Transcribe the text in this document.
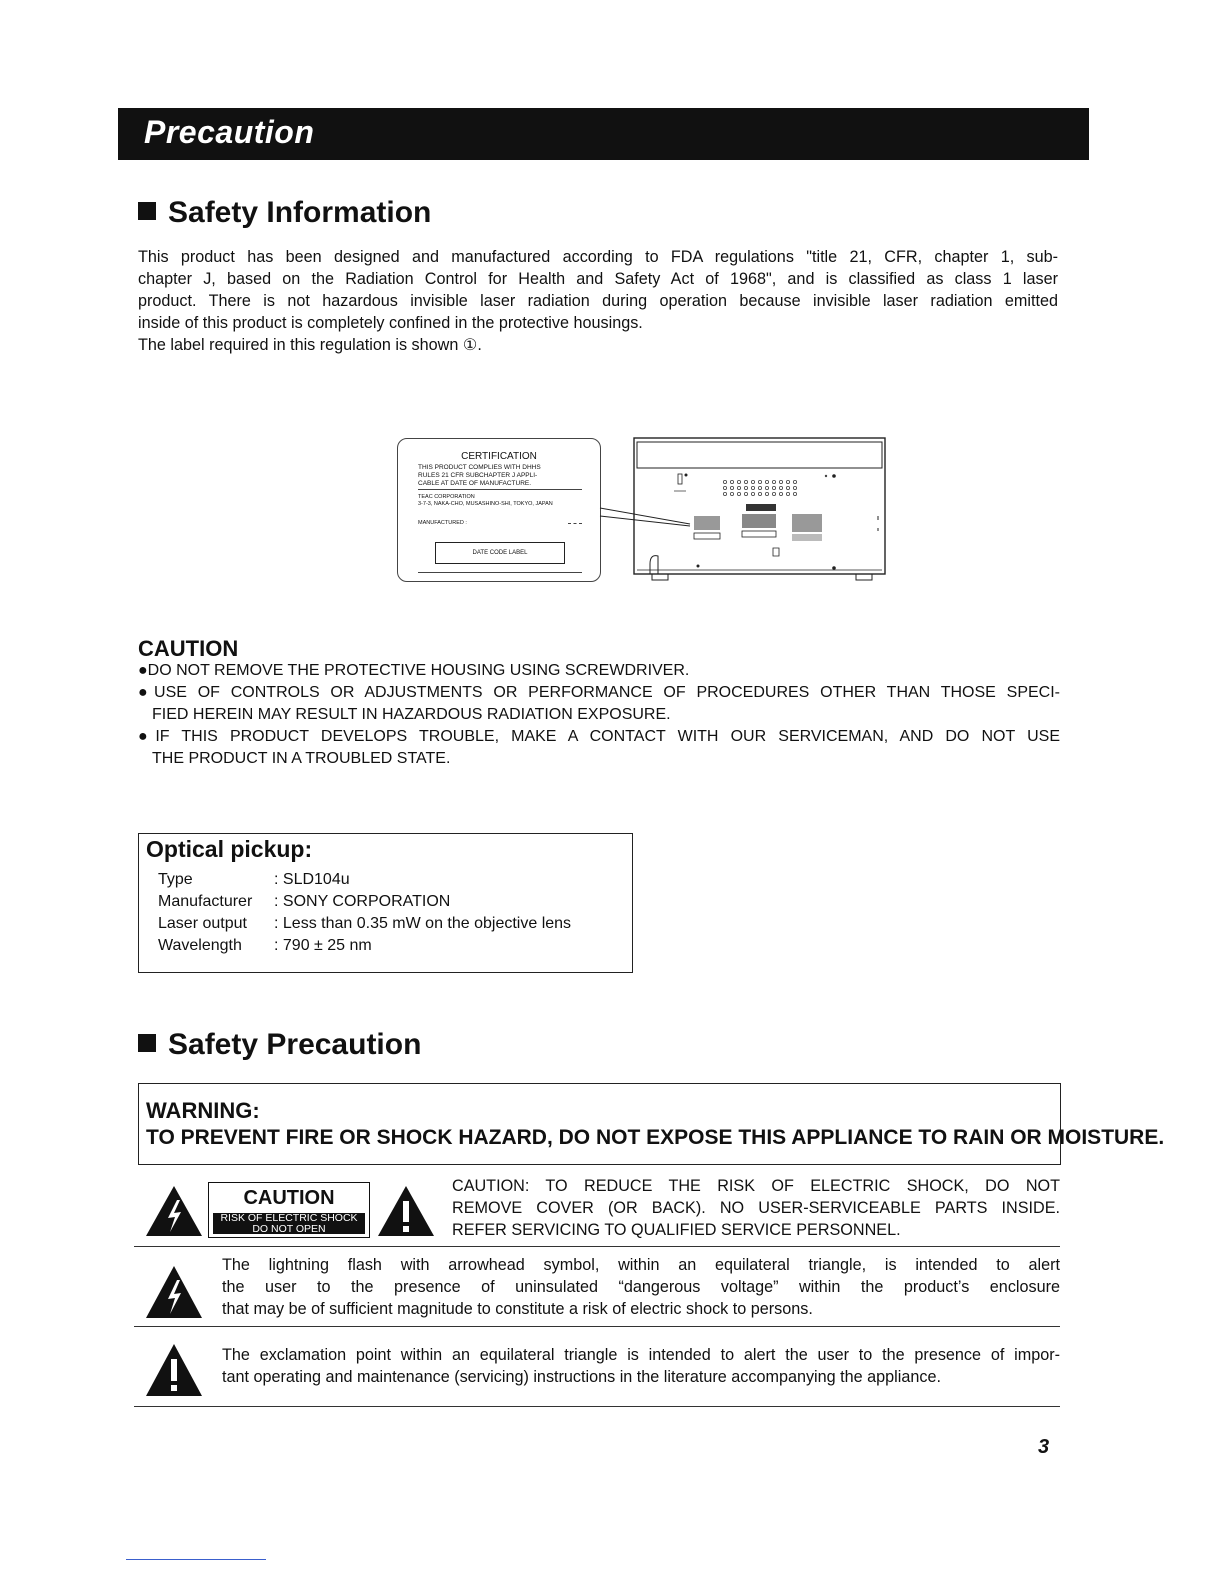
Precaution
Safety Information
This product has been designed and manufactured according to FDA regulations "title 21, CFR, chapter 1, sub-
chapter J, based on the Radiation Control for Health and Safety Act of 1968", and is classified as class 1 laser
product. There is not hazardous invisible laser radiation during operation because invisible laser radiation emitted
inside of this product is completely confined in the protective housings.
The label required in this regulation is shown ①.
CERTIFICATION
THIS PRODUCT COMPLIES WITH DHHS
RULES 21 CFR SUBCHAPTER J APPLI-
CABLE AT DATE OF MANUFACTURE.
TEAC CORPORATION
3-7-3, NAKA-CHO, MUSASHINO-SHI, TOKYO, JAPAN
MANUFACTURED :
DATE CODE LABEL
CAUTION
●DO NOT REMOVE THE PROTECTIVE HOUSING USING SCREWDRIVER.
●USE OF CONTROLS OR ADJUSTMENTS OR PERFORMANCE OF PROCEDURES OTHER THAN THOSE SPECI-
FIED HEREIN MAY RESULT IN HAZARDOUS RADIATION EXPOSURE.
●IF THIS PRODUCT DEVELOPS TROUBLE, MAKE A CONTACT WITH OUR SERVICEMAN, AND DO NOT USE
THE PRODUCT IN A TROUBLED STATE.
Optical pickup:
Type	: SLD104u
Manufacturer : SONY CORPORATION
Laser output : Less than 0.35 mW on the objective lens
Wavelength : 790 ± 25 nm
Safety Precaution
WARNING:
TO PREVENT FIRE OR SHOCK HAZARD, DO NOT EXPOSE THIS APPLIANCE TO RAIN OR MOISTURE.
CAUTION
RISK OF ELECTRIC SHOCK
DO NOT OPEN
CAUTION: TO REDUCE THE RISK OF ELECTRIC SHOCK, DO NOT
REMOVE COVER (OR BACK). NO USER-SERVICEABLE PARTS INSIDE.
REFER SERVICING TO QUALIFIED SERVICE PERSONNEL.
The lightning flash with arrowhead symbol, within an equilateral triangle, is intended to alert
the user to the presence of uninsulated “dangerous voltage” within the product’s enclosure
that may be of sufficient magnitude to constitute a risk of electric shock to persons.
The exclamation point within an equilateral triangle is intended to alert the user to the presence of impor-
tant operating and maintenance (servicing) instructions in the literature accompanying the appliance.
3
